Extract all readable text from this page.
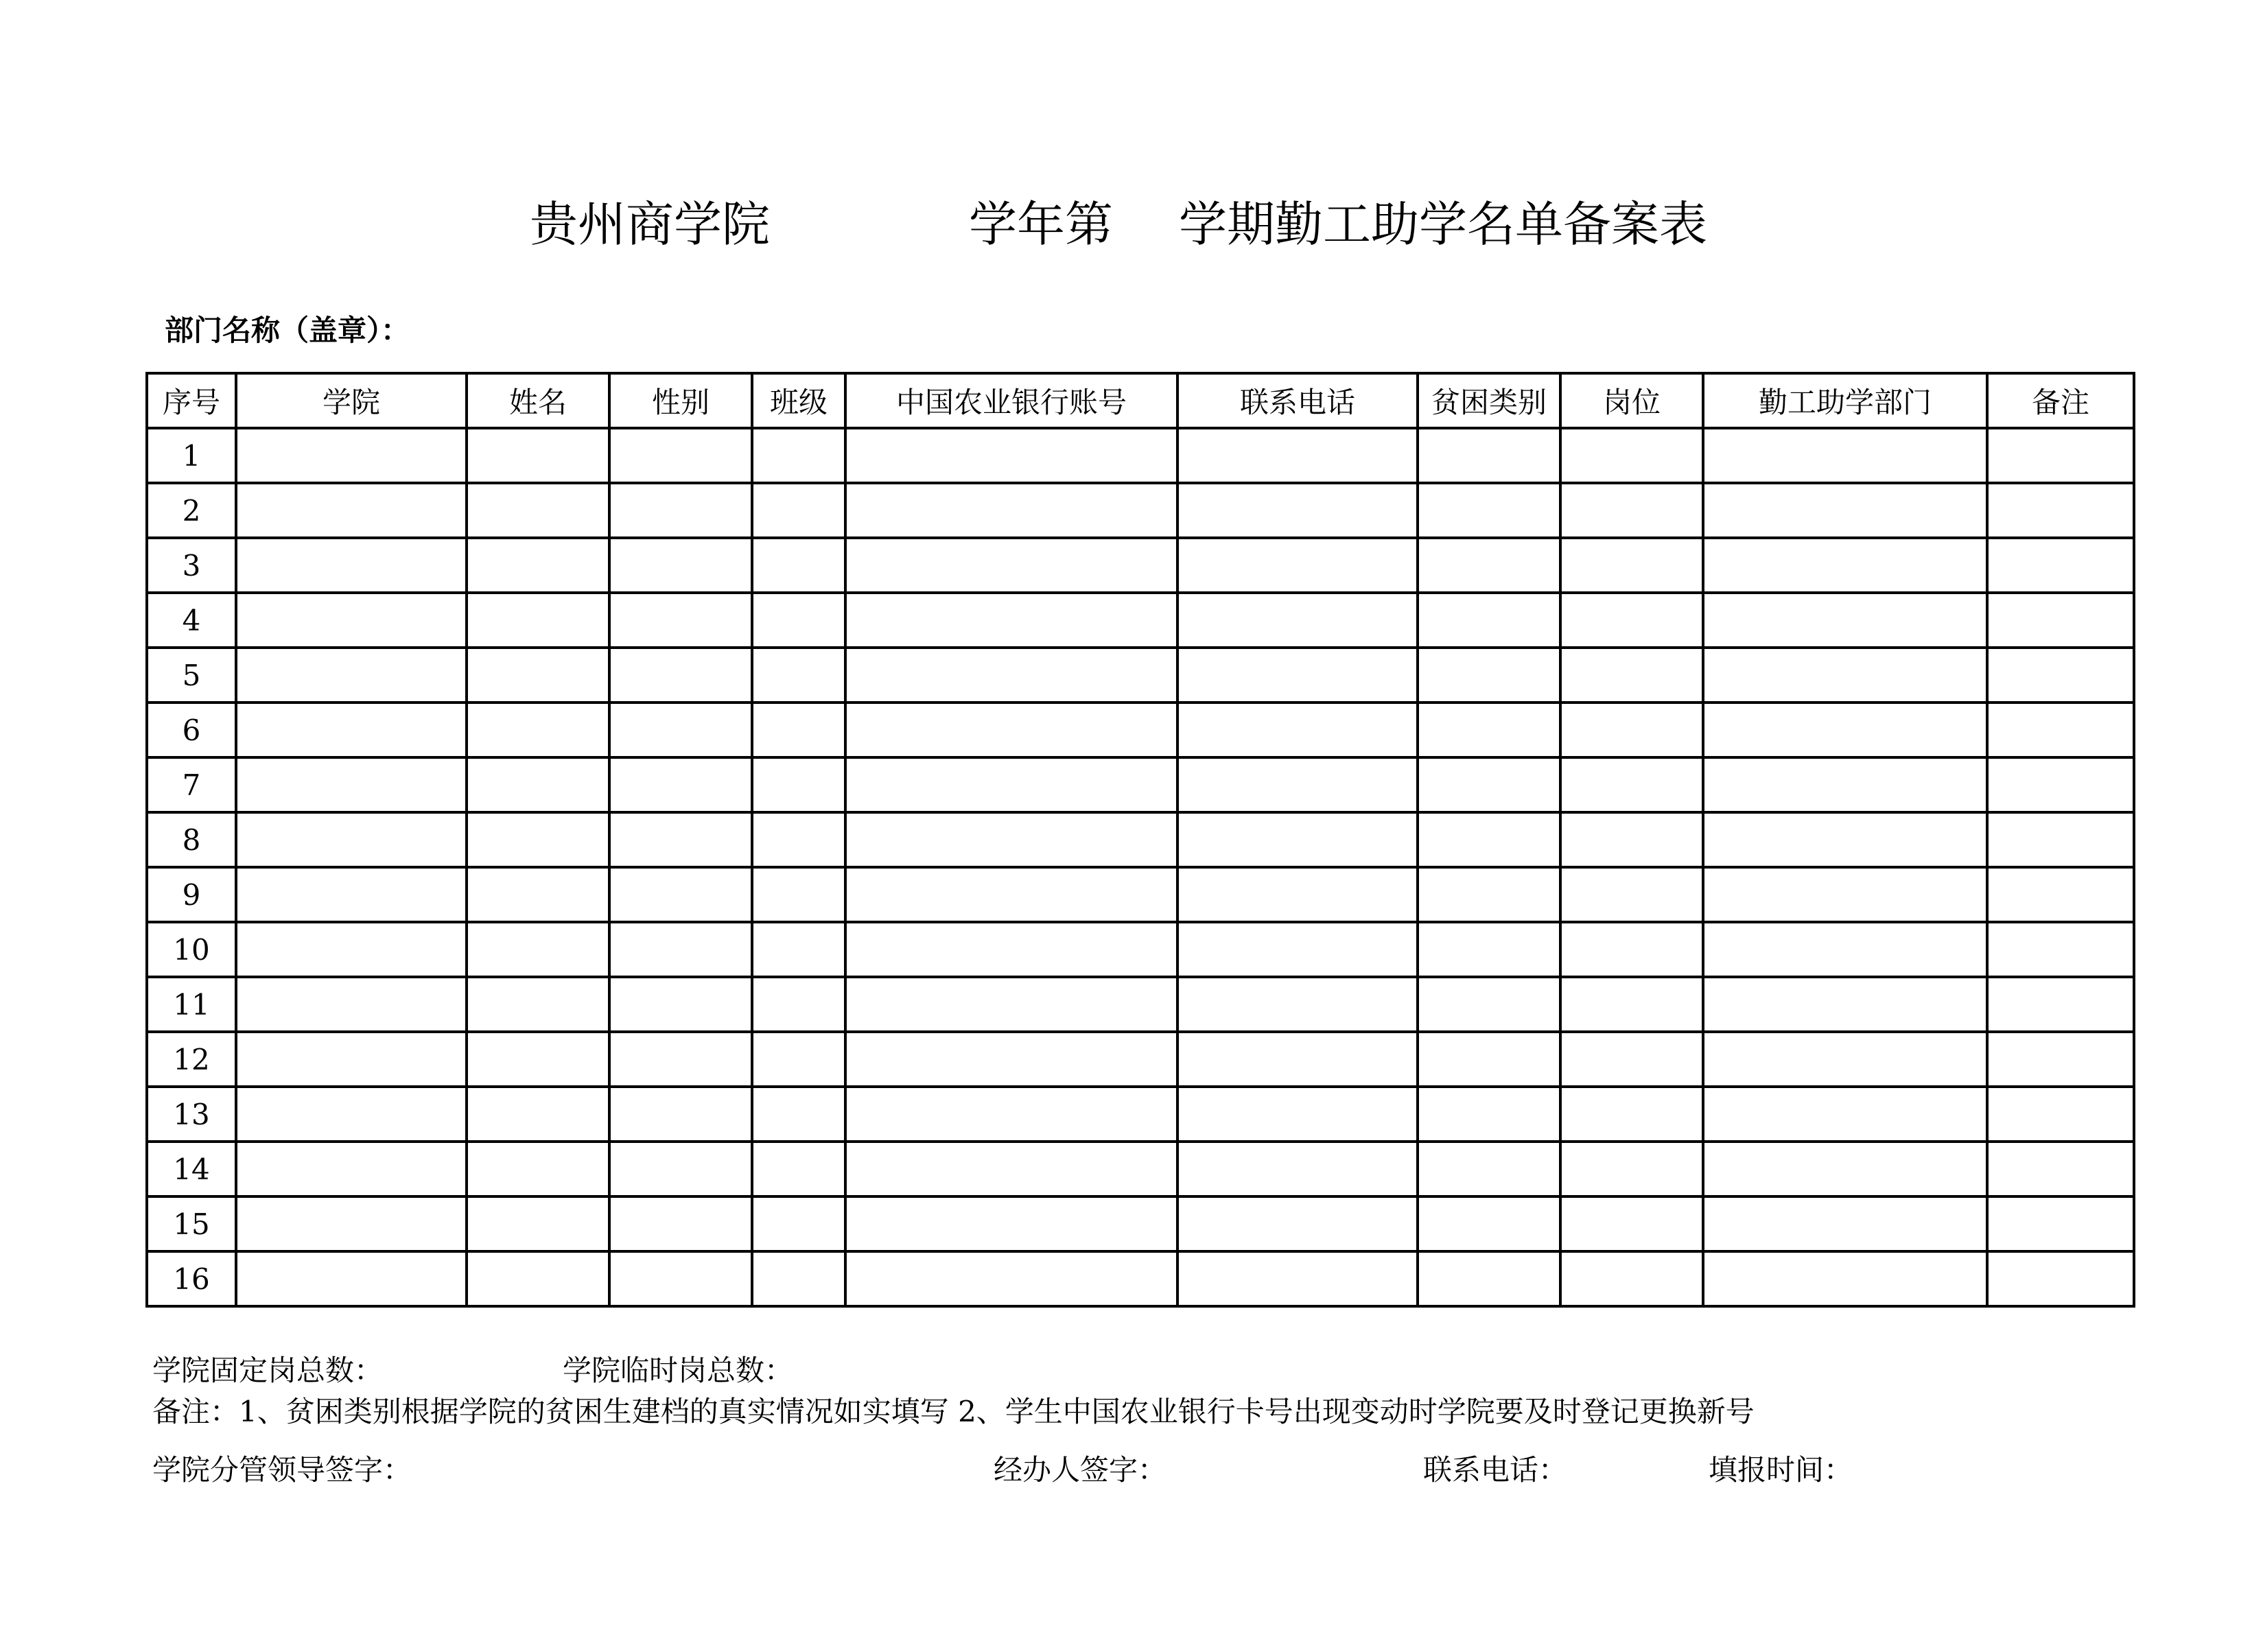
贵州商学院	学年第 学期勤工助学名单备案表
部门名称（盖章）：
序号	学院	姓名	性别	班级	中国农业银行账号	联系电话	贫困类别	岗位	勤工助学部门	备注
1										
2										
3										
4										
5										
6										
7										
8										
9										
10										
11										
12										
13										
14										
15										
16										
学院固定岗总数：	学院临时岗总数：
备注：1、贫困类别根据学院的贫困生建档的真实情况如实填写 2、学生中国农业银行卡号出现变动时学院要及时登记更换新号
学院分管领导签字：	经办人签字：	联系电话：	填报时间：
